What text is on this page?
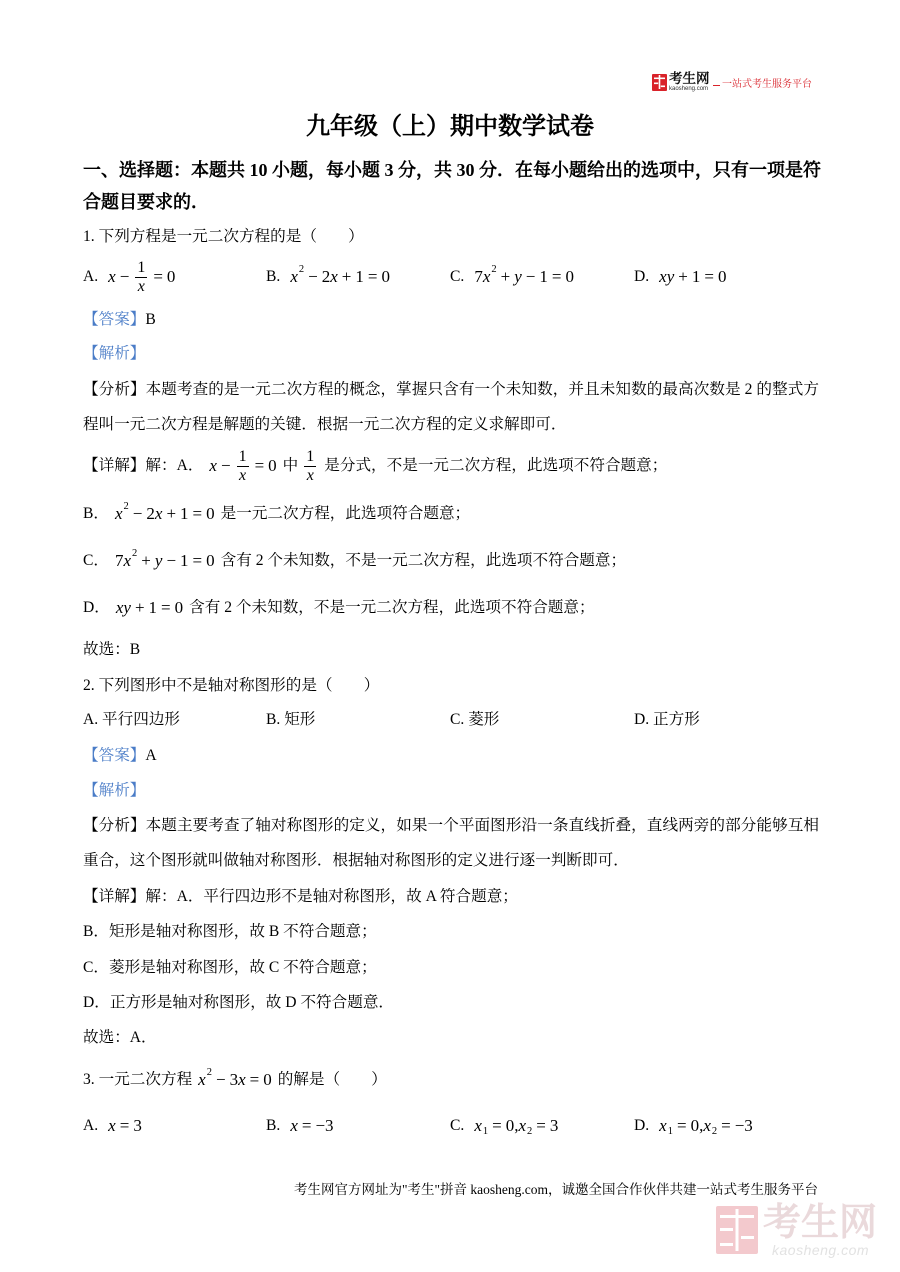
考生网
kaosheng.com 一站式考生服务平台
九年级（上）期中数学试卷
一、选择题：本题共 10 小题，每小题 3 分，共 30 分．在每小题给出的选项中，只有一项是符
合题目要求的．
1. 下列方程是一元二次方程的是（　　）
A. $x - \frac{1}{x} = 0$	B. x 2 − 2 x + 1 = 0	C. 7 x 2 + y − 1 = 0	D. xy + 1 = 0
【答案】B
【解析】
【分析】本题考查的是一元二次方程的概念，掌握只含有一个未知数，并且未知数的最高次数是 2 的整式方
程叫一元二次方程是解题的关键．根据一元二次方程的定义求解即可．
【详解】解：A． $x - \frac{1}{x} = 0$ 中 $\frac{1}{x}$ 是分式，不是一元二次方程，此选项不符合题意；
B． x 2 − 2 x + 1 = 0 是一元二次方程，此选项符合题意；
C． 7 x 2 + y − 1 = 0 含有 2 个未知数，不是一元二次方程，此选项不符合题意；
D． xy + 1 = 0 含有 2 个未知数，不是一元二次方程，此选项不符合题意；
故选：B
2. 下列图形中不是轴对称图形的是（　　）
A. 平行四边形	B. 矩形	C. 菱形	D. 正方形
【答案】A
【解析】
【分析】本题主要考查了轴对称图形的定义，如果一个平面图形沿一条直线折叠，直线两旁的部分能够互相
重合，这个图形就叫做轴对称图形．根据轴对称图形的定义进行逐一判断即可．
【详解】解：A．平行四边形不是轴对称图形，故 A 符合题意；
B．矩形是轴对称图形，故 B 不符合题意；
C．菱形是轴对称图形，故 C 不符合题意；
D．正方形是轴对称图形，故 D 不符合题意．
故选：A．
3. 一元二次方程 x 2 − 3 x = 0 的解是（　　）
A. x = 3	B. x = −3	C. x 1 = 0, x 2 = 3	D. x 1 = 0, x 2 = −3
考生网官方网址为"考生"拼音 kaosheng.com，诚邀全国合作伙伴共建一站式考生服务平台
考生网
kaosheng.com
